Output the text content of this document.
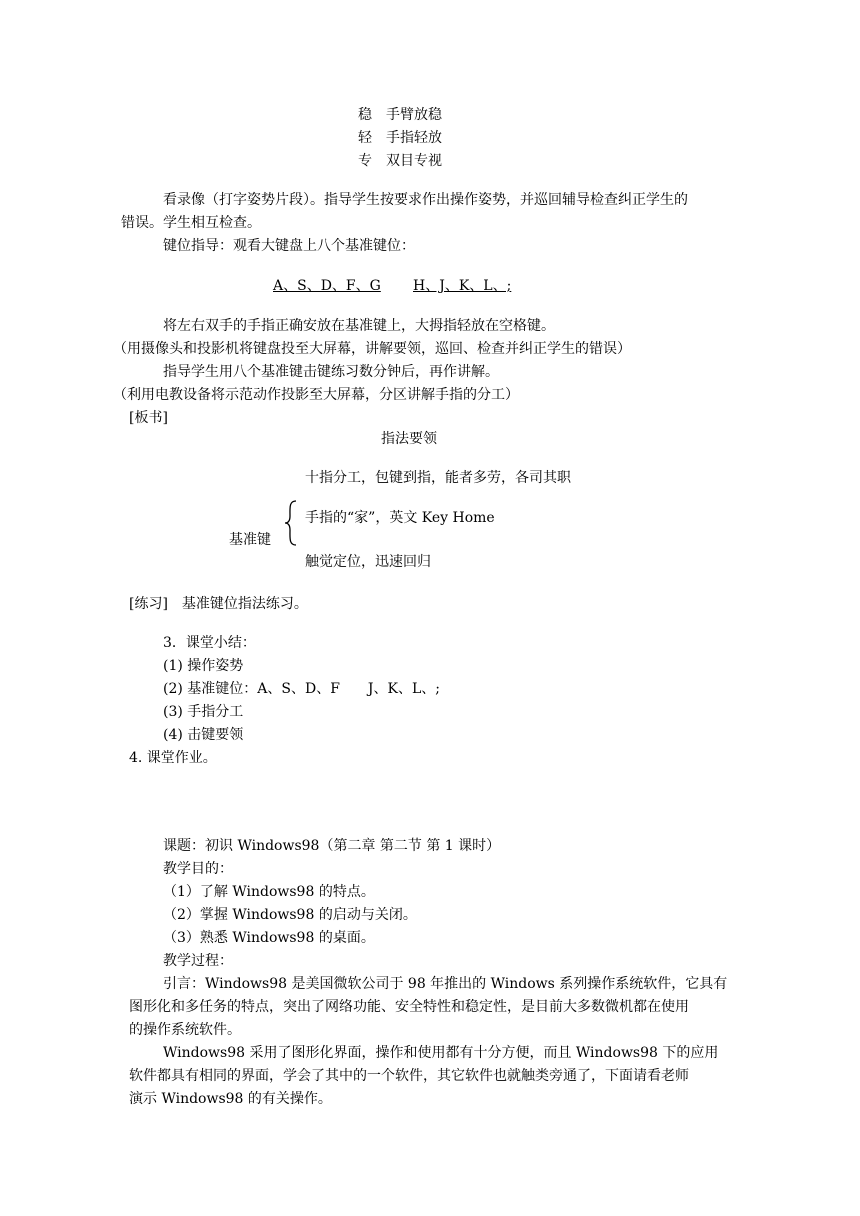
稳　 手臂放稳
轻　 手指轻放
专　 双目专视
看录像（打字姿势片段）。指导学生按要求作出操作姿势，并巡回辅导检查纠正学生的
错误。学生相互检查。
键位指导：观看大键盘上八个基准键位：
A、S、D、F、G H、J、K、L、;
将左右双手的手指正确安放在基准键上，大拇指轻放在空格键。
（用摄像头和投影机将键盘投至大屏幕，讲解要领，巡回、检查并纠正学生的错误）
指导学生用八个基准键击键练习数分钟后，再作讲解。
（利用电教设备将示范动作投影至大屏幕，分区讲解手指的分工）
[板书]
指法要领
十指分工，包键到指，能者多劳，各司其职
手指的“家”，英文 Key Home
基准键
触觉定位，迅速回归
[练习]　基准键位指法练习。
3．课堂小结：
(1) 操作姿势
(2) 基准键位：A、S、D、F　　J、K、L、;
(3) 手指分工
(4) 击键要领
4. 课堂作业。
课题：初识 Windows98（第二章 第二节 第 1 课时）
教学目的：
（1）了解 Windows98 的特点。
（2）掌握 Windows98 的启动与关闭。
（3）熟悉 Windows98 的桌面。
教学过程：
引言：Windows98 是美国微软公司于 98 年推出的 Windows 系列操作系统软件，它具有
图形化和多任务的特点，突出了网络功能、安全特性和稳定性，是目前大多数微机都在使用
的操作系统软件。
Windows98 采用了图形化界面，操作和使用都有十分方便，而且 Windows98 下的应用
软件都具有相同的界面，学会了其中的一个软件，其它软件也就触类旁通了，下面请看老师
演示 Windows98 的有关操作。
